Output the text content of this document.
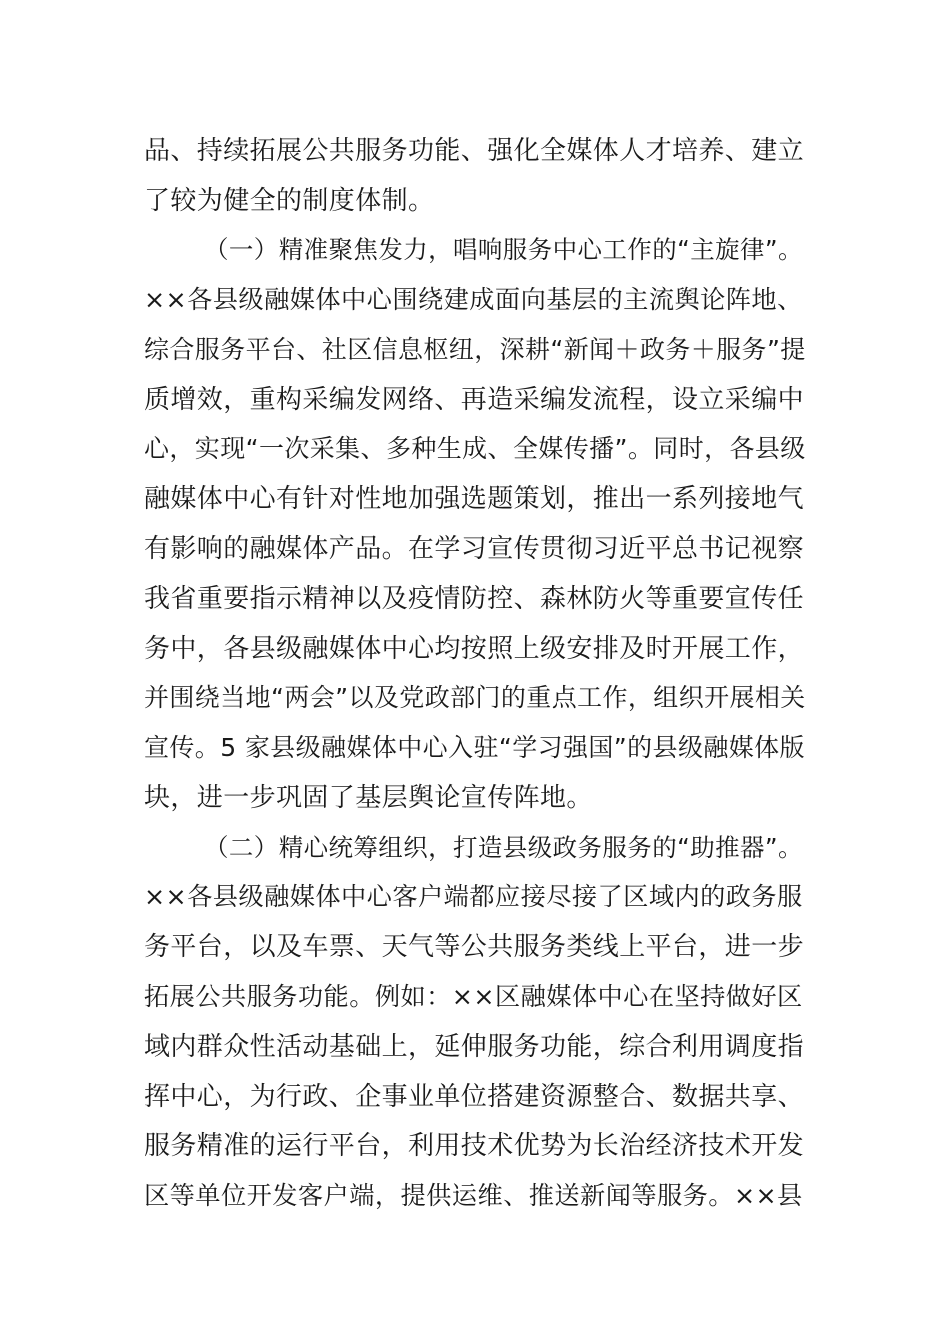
品、持续拓展公共服务功能、强化全媒体人才培养、建立
了较为健全的制度体制。
（一）精准聚焦发力，唱响服务中心工作的“主旋律”。
××各县级融媒体中心围绕建成面向基层的主流舆论阵地、
综合服务平台、社区信息枢纽，深耕“新闻＋政务＋服务”提
质增效，重构采编发网络、再造采编发流程，设立采编中
心，实现“一次采集、多种生成、全媒传播”。同时，各县级
融媒体中心有针对性地加强选题策划，推出一系列接地气
有影响的融媒体产品。在学习宣传贯彻习近平总书记视察
我省重要指示精神以及疫情防控、森林防火等重要宣传任
务中，各县级融媒体中心均按照上级安排及时开展工作，
并围绕当地“两会”以及党政部门的重点工作，组织开展相关
宣传。5 家县级融媒体中心入驻“学习强国”的县级融媒体版
块，进一步巩固了基层舆论宣传阵地。
（二）精心统筹组织，打造县级政务服务的“助推器”。
××各县级融媒体中心客户端都应接尽接了区域内的政务服
务平台，以及车票、天气等公共服务类线上平台，进一步
拓展公共服务功能。例如：××区融媒体中心在坚持做好区
域内群众性活动基础上，延伸服务功能，综合利用调度指
挥中心，为行政、企事业单位搭建资源整合、数据共享、
服务精准的运行平台，利用技术优势为长治经济技术开发
区等单位开发客户端，提供运维、推送新闻等服务。××县
